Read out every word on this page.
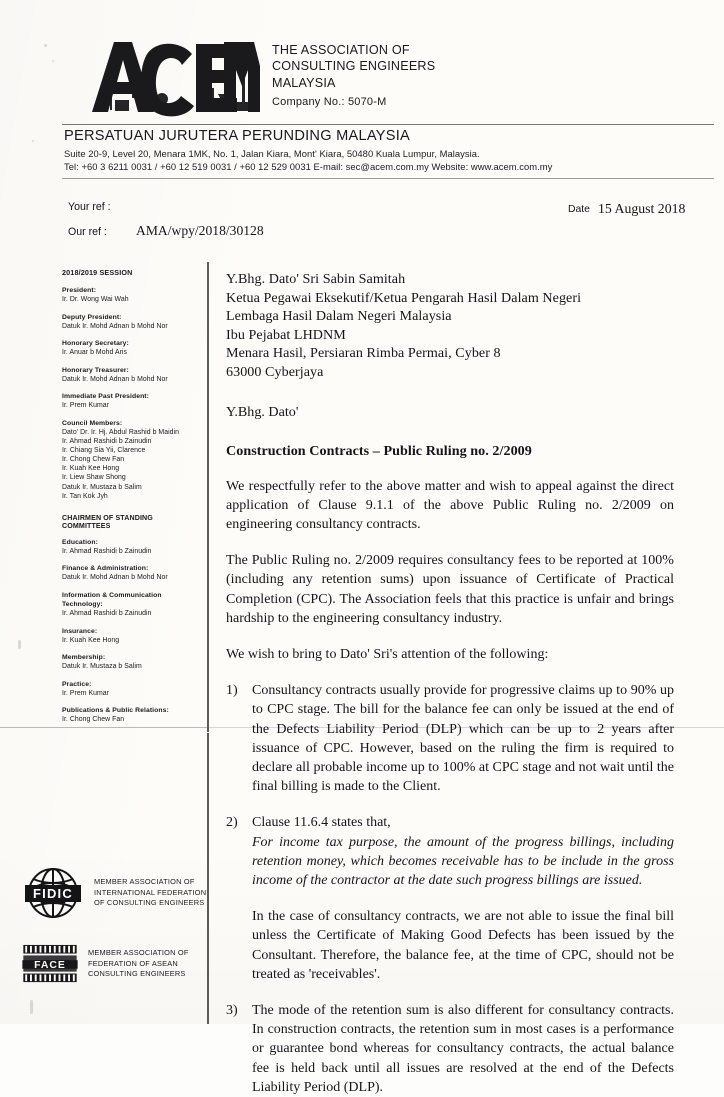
THE ASSOCIATION OF
CONSULTING ENGINEERS
MALAYSIA
Company No.: 5070-M
PERSATUAN JURUTERA PERUNDING MALAYSIA
Suite 20-9, Level 20, Menara 1MK, No. 1, Jalan Kiara, Mont' Kiara, 50480 Kuala Lumpur, Malaysia.
Tel: +60 3 6211 0031 / +60 12 519 0031 / +60 12 529 0031 E-mail: sec@acem.com.my Website: www.acem.com.my
Your ref :
Our ref : AMA/wpy/2018/30128
Date 15 August 2018
2018/2019 SESSION
President:
Ir. Dr. Wong Wai Wah
Deputy President:
Datuk Ir. Mohd Adnan b Mohd Nor
Honorary Secretary:
Ir. Anuar b Mohd Aris
Honorary Treasurer:
Datuk Ir. Mohd Adnan b Mohd Nor
Immediate Past President:
Ir. Prem Kumar
Council Members:
Dato' Dr. Ir. Hj. Abdul Rashid b Maidin
Ir. Ahmad Rashidi b Zainudin
Ir. Chiang Sia Yii, Clarence
Ir. Chong Chew Fan
Ir. Kuah Kee Hong
Ir. Liew Shaw Shong
Datuk Ir. Mustaza b Salim
Ir. Tan Kok Jyh
CHAIRMEN OF STANDING COMMITTEES
Education:
Ir. Ahmad Rashidi b Zainudin
Finance & Administration:
Datuk Ir. Mohd Adnan b Mohd Nor
Information & Communication Technology:
Ir. Ahmad Rashidi b Zainudin
Insurance:
Ir. Kuah Kee Hong
Membership:
Datuk Ir. Mustaza b Salim
Practice:
Ir. Prem Kumar
Publications & Public Relations:
Ir. Chong Chew Fan
Y.Bhg. Dato' Sri Sabin Samitah
Ketua Pegawai Eksekutif/Ketua Pengarah Hasil Dalam Negeri
Lembaga Hasil Dalam Negeri Malaysia
Ibu Pejabat LHDNM
Menara Hasil, Persiaran Rimba Permai, Cyber 8
63000 Cyberjaya
Y.Bhg. Dato'
Construction Contracts – Public Ruling no. 2/2009

We respectfully refer to the above matter and wish to appeal against the direct application of Clause 9.1.1 of the above Public Ruling no. 2/2009 on engineering consultancy contracts.

The Public Ruling no. 2/2009 requires consultancy fees to be reported at 100% (including any retention sums) upon issuance of Certificate of Practical Completion (CPC). The Association feels that this practice is unfair and brings hardship to the engineering consultancy industry.

We wish to bring to Dato' Sri's attention of the following:

1)	Consultancy contracts usually provide for progressive claims up to 90% up to CPC stage. The bill for the balance fee can only be issued at the end of the Defects Liability Period (DLP) which can be up to 2 years after issuance of CPC. However, based on the ruling the firm is required to declare all probable income up to 100% at CPC stage and not wait until the final billing is made to the Client.
2)	Clause 11.6.4 states that,
For income tax purpose, the amount of the progress billings, including retention money, which becomes receivable has to be include in the gross income of the contractor at the date such progress billings are issued.
In the case of consultancy contracts, we are not able to issue the final bill unless the Certificate of Making Good Defects has been issued by the Consultant. Therefore, the balance fee, at the time of CPC, should not be treated as 'receivables'.
3)	The mode of the retention sum is also different for consultancy contracts. In construction contracts, the retention sum in most cases is a performance or guarantee bond whereas for consultancy contracts, the actual balance fee is held back until all issues are resolved at the end of the Defects Liability Period (DLP).
FIDIC
MEMBER ASSOCIATION OF
INTERNATIONAL FEDERATION
OF CONSULTING ENGINEERS
FACE
MEMBER ASSOCIATION OF
FEDERATION OF ASEAN
CONSULTING ENGINEERS
